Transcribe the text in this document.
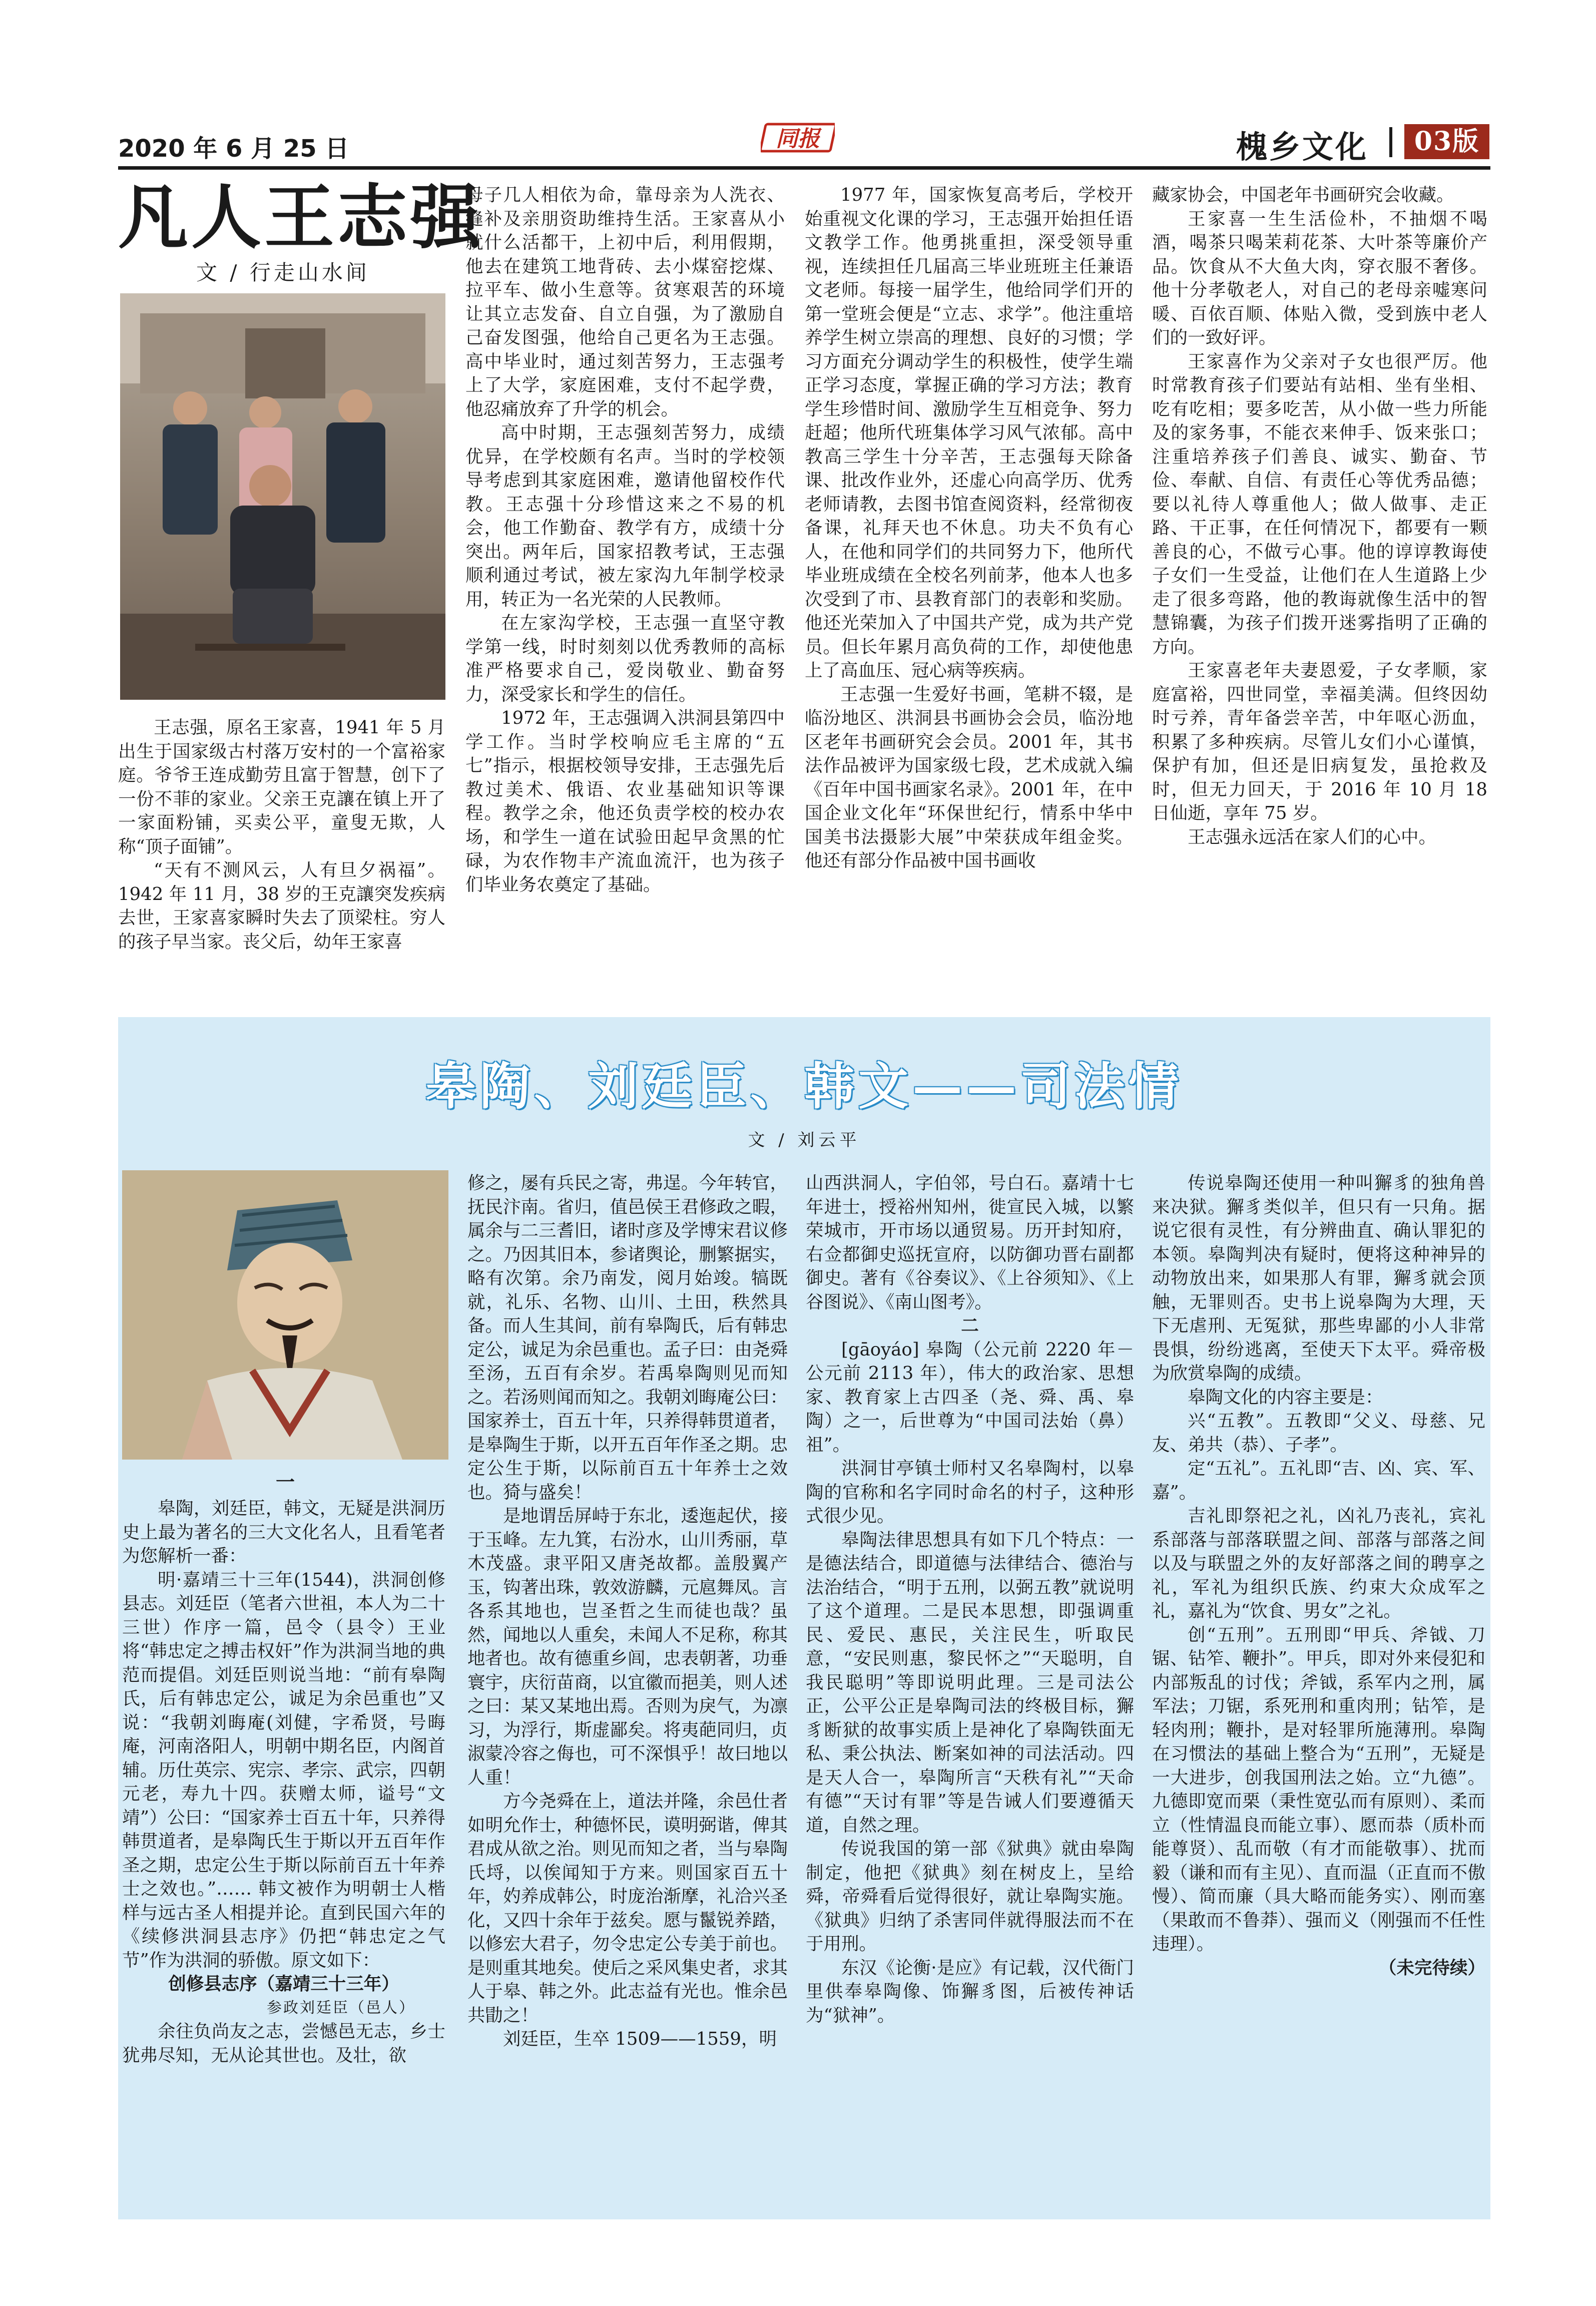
2020 年 6 月 25 日	同报	槐乡文化	03版
凡人王志强
文 / 行走山水间

王志强，原名王家喜，1941 年 5 月出生于国家级古村落万安村的一个富裕家庭。爷爷王连成勤劳且富于智慧，创下了一份不菲的家业。父亲王克讓在镇上开了一家面粉铺，买卖公平，童叟无欺，人称“顶子面铺”。

“天有不测风云，人有旦夕祸福”。1942 年 11 月，38 岁的王克讓突发疾病去世，王家喜家瞬时失去了顶梁柱。穷人的孩子早当家。丧父后，幼年王家喜

母子几人相依为命，靠母亲为人洗衣、缝补及亲朋资助维持生活。王家喜从小就什么活都干，上初中后，利用假期，他去在建筑工地背砖、去小煤窑挖煤、拉平车、做小生意等。贫寒艰苦的环境让其立志发奋、自立自强，为了激励自己奋发图强，他给自己更名为王志强。高中毕业时，通过刻苦努力，王志强考上了大学，家庭困难，支付不起学费，他忍痛放弃了升学的机会。

高中时期，王志强刻苦努力，成绩优异，在学校颇有名声。当时的学校领导考虑到其家庭困难，邀请他留校作代教。王志强十分珍惜这来之不易的机会，他工作勤奋、教学有方，成绩十分突出。两年后，国家招教考试，王志强顺利通过考试，被左家沟九年制学校录用，转正为一名光荣的人民教师。

在左家沟学校，王志强一直坚守教学第一线，时时刻刻以优秀教师的高标准严格要求自己，爱岗敬业、勤奋努力，深受家长和学生的信任。

1972 年，王志强调入洪洞县第四中学工作。当时学校响应毛主席的“五七”指示，根据校领导安排，王志强先后教过美术、俄语、农业基础知识等课程。教学之余，他还负责学校的校办农场，和学生一道在试验田起早贪黑的忙碌，为农作物丰产流血流汗，也为孩子们毕业务农奠定了基础。

1977 年，国家恢复高考后，学校开始重视文化课的学习，王志强开始担任语文教学工作。他勇挑重担，深受领导重视，连续担任几届高三毕业班班主任兼语文老师。每接一届学生，他给同学们开的第一堂班会便是“立志、求学”。他注重培养学生树立崇高的理想、良好的习惯；学习方面充分调动学生的积极性，使学生端正学习态度，掌握正确的学习方法；教育学生珍惜时间、激励学生互相竞争、努力赶超；他所代班集体学习风气浓郁。高中教高三学生十分辛苦，王志强每天除备课、批改作业外，还虚心向高学历、优秀老师请教，去图书馆查阅资料，经常彻夜备课，礼拜天也不休息。功夫不负有心人，在他和同学们的共同努力下，他所代毕业班成绩在全校名列前茅，他本人也多次受到了市、县教育部门的表彰和奖励。他还光荣加入了中国共产党，成为共产党员。但长年累月高负荷的工作，却使他患上了高血压、冠心病等疾病。

王志强一生爱好书画，笔耕不辍，是临汾地区、洪洞县书画协会会员，临汾地区老年书画研究会会员。2001 年，其书法作品被评为国家级七段，艺术成就入编《百年中国书画家名录》。2001 年，在中国企业文化年“环保世纪行，情系中华中国美书法摄影大展”中荣获成年组金奖。他还有部分作品被中国书画收

藏家协会，中国老年书画研究会收藏。

王家喜一生生活俭朴，不抽烟不喝酒，喝茶只喝茉莉花茶、大叶茶等廉价产品。饮食从不大鱼大肉，穿衣服不奢侈。他十分孝敬老人，对自己的老母亲嘘寒问暖、百依百顺、体贴入微，受到族中老人们的一致好评。

王家喜作为父亲对子女也很严厉。他时常教育孩子们要站有站相、坐有坐相、吃有吃相；要多吃苦，从小做一些力所能及的家务事，不能衣来伸手、饭来张口；注重培养孩子们善良、诚实、勤奋、节俭、奉献、自信、有责任心等优秀品德；要以礼待人尊重他人；做人做事、走正路、干正事，在任何情况下，都要有一颗善良的心，不做亏心事。他的谆谆教诲使子女们一生受益，让他们在人生道路上少走了很多弯路，他的教诲就像生活中的智慧锦囊，为孩子们拨开迷雾指明了正确的方向。

王家喜老年夫妻恩爱，子女孝顺，家庭富裕，四世同堂，幸福美满。但终因幼时亏养，青年备尝辛苦，中年呕心沥血，积累了多种疾病。尽管儿女们小心谨慎，保护有加，但还是旧病复发，虽抢救及时，但无力回天，于 2016 年 10 月 18 日仙逝，享年 75 岁。

王志强永远活在家人们的心中。

皋陶、刘廷臣、韩文——司法情
文 / 刘云平
一

皋陶，刘廷臣，韩文，无疑是洪洞历史上最为著名的三大文化名人，且看笔者为您解析一番：

明·嘉靖三十三年(1544)，洪洞创修县志。刘廷臣（笔者六世祖，本人为二十三世）作序一篇，邑令（县令）王业将“韩忠定之搏击权奸”作为洪洞当地的典范而提倡。刘廷臣则说当地：“前有皋陶氏，后有韩忠定公，诚足为余邑重也”又说：“我朝刘晦庵(刘健，字希贤，号晦庵，河南洛阳人，明朝中期名臣，内阁首辅。历仕英宗、宪宗、孝宗、武宗，四朝元老，寿九十四。获赠太师，谥号“文靖”）公曰：“国家养士百五十年，只养得韩贯道者，是皋陶氏生于斯以开五百年作圣之期，忠定公生于斯以际前百五十年养士之效也。”…… 韩文被作为明朝士人楷样与远古圣人相提并论。直到民国六年的《续修洪洞县志序》仍把“韩忠定之气节”作为洪洞的骄傲。原文如下：

创修县志序（嘉靖三十三年）

参政刘廷臣（邑人）

余往负尚友之志，尝憾邑无志，乡士犹弗尽知，无从论其世也。及壮，欲

修之，屡有兵民之寄，弗逞。今年转官，抚民汴南。省归，值邑侯王君修政之暇，属余与二三耆旧，诸时彦及学博宋君议修之。乃因其旧本，参诸舆论，删繁据实，略有次第。余乃南发，阅月始竣。犒既就，礼乐、名物、山川、土田，秩然具备。而人生其间，前有皋陶氏，后有韩忠定公，诚足为余邑重也。孟子曰：由尧舜至汤，五百有余岁。若禹皋陶则见而知之。若汤则闻而知之。我朝刘晦庵公曰：国家养士，百五十年，只养得韩贯道者，是皋陶生于斯，以开五百年作圣之期。忠定公生于斯，以际前百五十年养士之效也。猗与盛矣！

是地谓岳屏峙于东北，逶迤起伏，接于玉峰。左九箕，右汾水，山川秀丽，草木茂盛。隶平阳又唐尧故都。盖殷翼产玉，钩著出珠，敦效游麟，元扈舞凤。言各系其地也，岂圣哲之生而徒也哉？虽然，闻地以人重矣，未闻人不足称，称其地者也。故有德重乡闾，忠表朝著，功垂寰宇，庆衍苗商，以宜徽而挹美，则人述之曰：某又某地出焉。否则为戾气，为凛习，为浮行，斯虚鄙矣。将夷葩同归，贞淑蒙冷容之侮也，可不深惧乎！故曰地以人重！

方今尧舜在上，道法并隆，余邑仕者如明允作士，种德怀民，谟明弼谐，俾其君成从欲之治。则见而知之者，当与皋陶氏埒，以俟闻知于方来。则国家百五十年，妁养成韩公，时庞治渐摩，礼洽兴圣化，又四十余年于兹矣。愿与鬣锐养踏，以修宏大君子，勿令忠定公专美于前也。是则重其地矣。使后之采风集史者，求其人于皋、韩之外。此志益有光也。惟余邑共勖之！

刘廷臣，生卒 1509——1559，明

山西洪洞人，字伯邻，号白石。嘉靖十七年进士，授裕州知州，徙宣民入城，以繁荣城市，开市场以通贸易。历开封知府，右佥都御史巡抚宣府，以防御功晋右副都御史。著有《谷奏议》、《上谷须知》、《上谷图说》、《南山图考》。

二

[gāoyáo] 皋陶（公元前 2220 年－公元前 2113 年），伟大的政治家、思想家、教育家上古四圣（尧、舜、禹、皋陶）之一，后世尊为“中国司法始（鼻）祖”。

洪洞甘亭镇士师村又名皋陶村，以皋陶的官称和名字同时命名的村子，这种形式很少见。

皋陶法律思想具有如下几个特点：一是德法结合，即道德与法律结合、德治与法治结合，“明于五刑，以弼五教”就说明了这个道理。二是民本思想，即强调重民、爱民、惠民，关注民生，听取民意，“安民则惠，黎民怀之”“天聪明，自我民聪明”等即说明此理。三是司法公正，公平公正是皋陶司法的终极目标，獬豸断狱的故事实质上是神化了皋陶铁面无私、秉公执法、断案如神的司法活动。四是天人合一，皋陶所言“天秩有礼”“天命有德”“天讨有罪”等是告诫人们要遵循天道，自然之理。

传说我国的第一部《狱典》就由皋陶制定，他把《狱典》刻在树皮上，呈给舜，帝舜看后觉得很好，就让皋陶实施。《狱典》归纳了杀害同伴就得服法而不在于用刑。

东汉《论衡·是应》有记载，汉代衙门里供奉皋陶像、饰獬豸图，后被传神话为“狱神”。

传说皋陶还使用一种叫獬豸的独角兽来决狱。獬豸类似羊，但只有一只角。据说它很有灵性，有分辨曲直、确认罪犯的本领。皋陶判决有疑时，便将这种神异的动物放出来，如果那人有罪，獬豸就会顶触，无罪则否。史书上说皋陶为大理，天下无虐刑、无冤狱，那些卑鄙的小人非常畏惧，纷纷逃离，至使天下太平。舜帝极为欣赏皋陶的成绩。

皋陶文化的内容主要是：

兴“五教”。五教即“父义、母慈、兄友、弟共（恭）、子孝”。

定“五礼”。五礼即“吉、凶、宾、军、嘉”。

吉礼即祭祀之礼，凶礼乃丧礼，宾礼系部落与部落联盟之间、部落与部落之间以及与联盟之外的友好部落之间的聘享之礼，军礼为组织氏族、约束大众成军之礼，嘉礼为“饮食、男女”之礼。

创“五刑”。五刑即“甲兵、斧钺、刀锯、钻笮、鞭扑”。甲兵，即对外来侵犯和内部叛乱的讨伐；斧钺，系军内之刑，属军法；刀锯，系死刑和重肉刑；钻笮，是轻肉刑；鞭扑，是对轻罪所施薄刑。皋陶在习惯法的基础上整合为“五刑”，无疑是一大进步，创我国刑法之始。立“九德”。九德即宽而栗（秉性宽弘而有原则）、柔而立（性情温良而能立事）、愿而恭（质朴而能尊贤）、乱而敬（有才而能敬事）、扰而毅（谦和而有主见）、直而温（正直而不傲慢）、简而廉（具大略而能务实）、刚而塞（果敢而不鲁莽）、强而义（刚强而不任性违理）。

（未完待续）
